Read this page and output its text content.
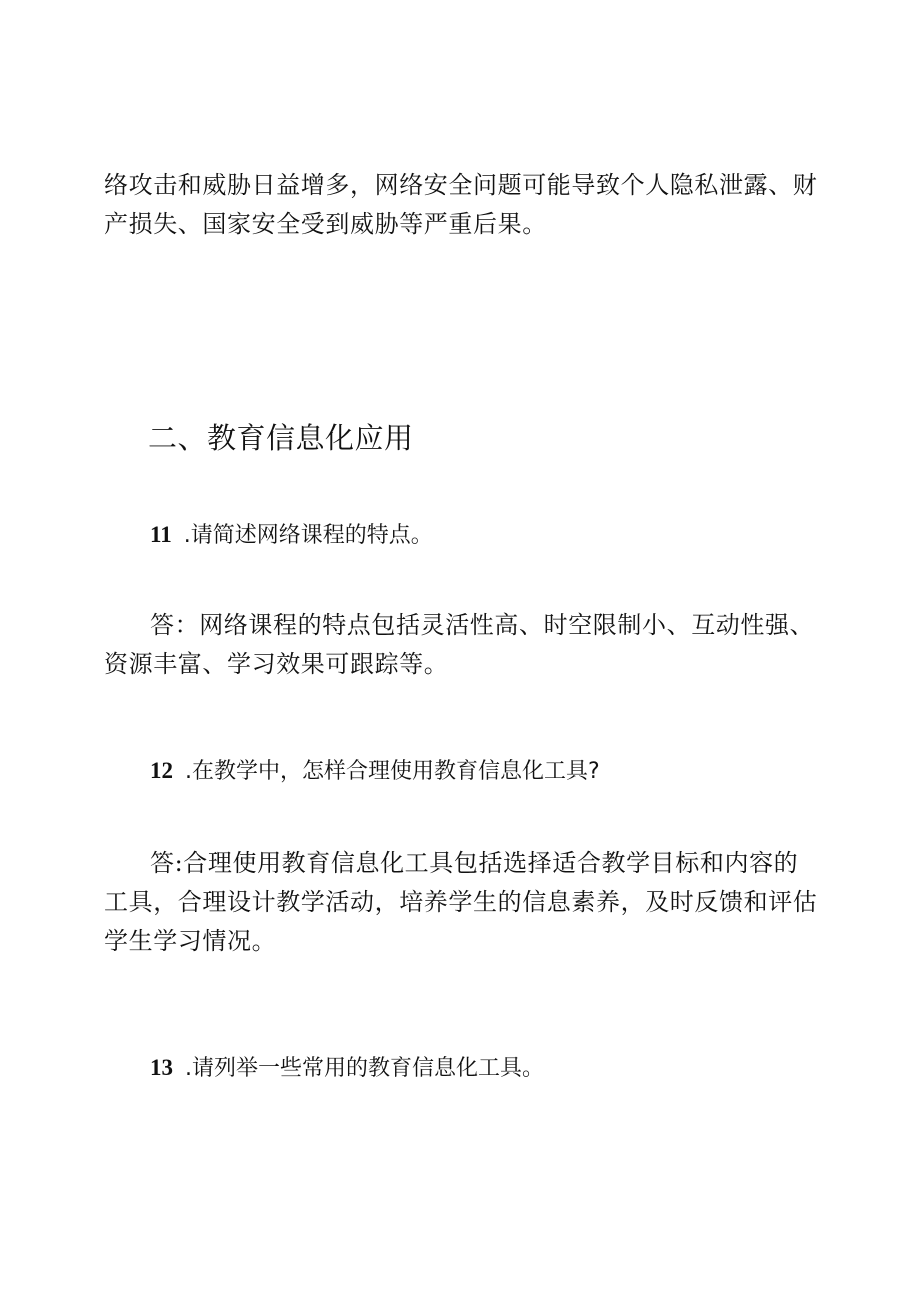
络攻击和威胁日益增多，网络安全问题可能导致个人隐私泄露、财产损失、国家安全受到威胁等严重后果。

二、教育信息化应用
11 .请简述网络课程的特点。

答：网络课程的特点包括灵活性高、时空限制小、互动性强、资源丰富、学习效果可跟踪等。

12 .在教学中，怎样合理使用教育信息化工具?

答:合理使用教育信息化工具包括选择适合教学目标和内容的工具，合理设计教学活动，培养学生的信息素养，及时反馈和评估学生学习情况。

13 .请列举一些常用的教育信息化工具。
